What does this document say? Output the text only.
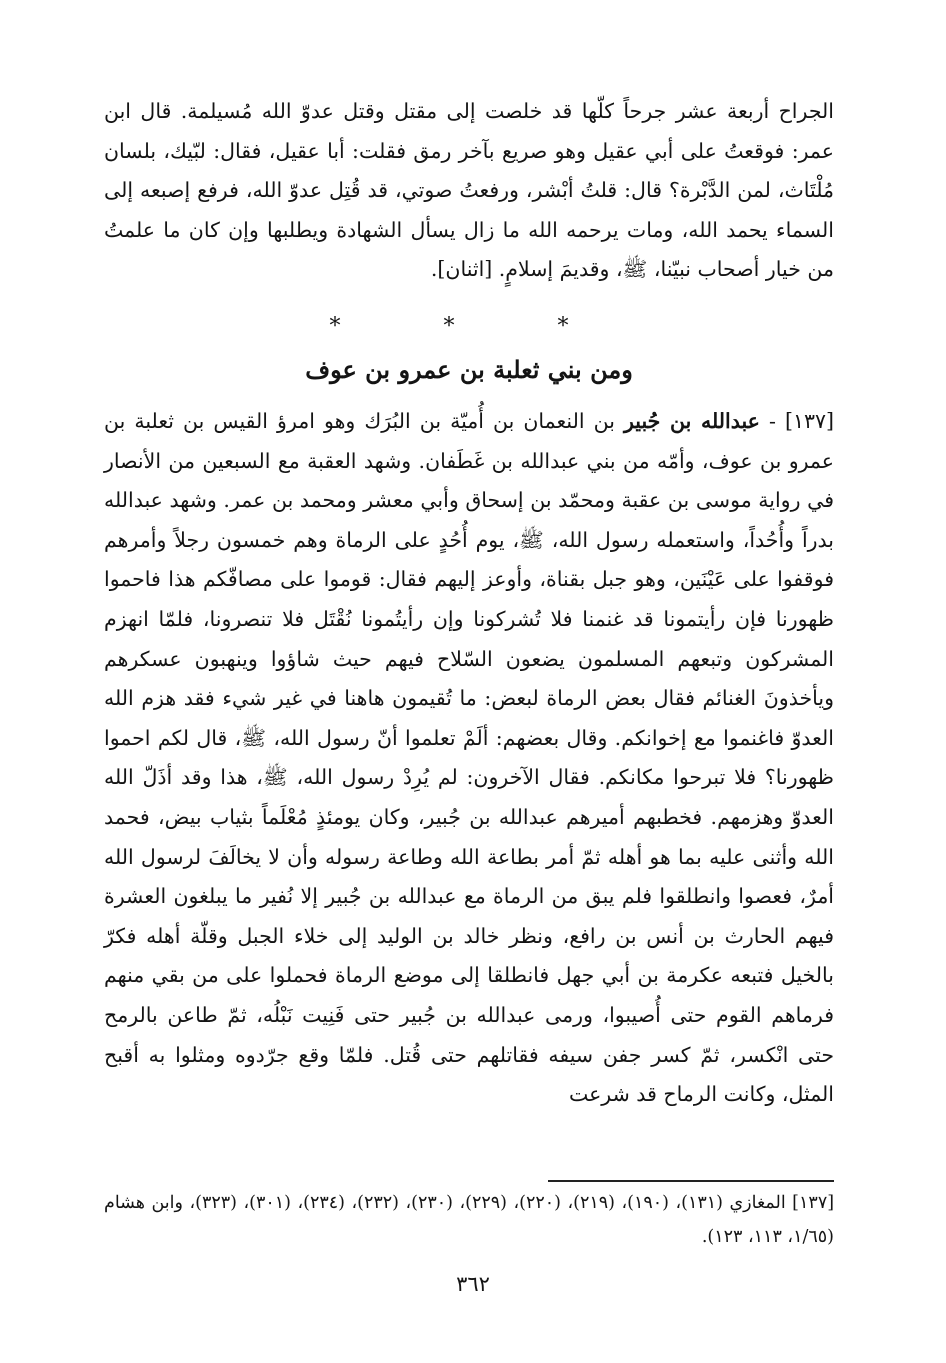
الجراح أربعة عشر جرحاً كلّها قد خلصت إلى مقتل وقتل عدوّ الله مُسيلمة. قال ابن عمر: فوقعتُ على أبي عقيل وهو صريع بآخر رمق فقلت: أبا عقيل، فقال: لبّيك، بلسان مُلْتَاث، لمن الدَّبْرة؟ قال: قلتُ أبْشر، ورفعتُ صوتي، قد قُتِل عدوّ الله، فرفع إصبعه إلى السماء يحمد الله، ومات يرحمه الله ما زال يسأل الشهادة ويطلبها وإن كان ما علمتُ من خيار أصحاب نبيّنا، ﷺ، وقديمَ إسلامٍ. [اثنان].

* * *

ومن بني ثعلبة بن عمرو بن عوف

[١٣٧] - عبدالله بن جُبير بن النعمان بن أُميّة بن البُرَك وهو امرؤ القيس بن ثعلبة بن عمرو بن عوف، وأمّه من بني عبدالله بن غَطَفان. وشهد العقبة مع السبعين من الأنصار في رواية موسى بن عقبة ومحمّد بن إسحاق وأبي معشر ومحمد بن عمر. وشهد عبدالله بدراً وأُحُداً، واستعمله رسول الله، ﷺ، يوم أُحُدٍ على الرماة وهم خمسون رجلاً وأمرهم فوقفوا على عَيْنَين، وهو جبل بقناة، وأوعز إليهم فقال: قوموا على مصافّكم هذا فاحموا ظهورنا فإن رأيتمونا قد غنمنا فلا تُشركونا وإن رأيتُمونا نُقْتَل فلا تنصرونا، فلمّا انهزم المشركون وتبعهم المسلمون يضعون السّلاح فيهم حيث شاؤوا وينهبون عسكرهم ويأخذونَ الغنائم فقال بعض الرماة لبعض: ما تُقيمون هاهنا في غير شيء فقد هزم الله العدوّ فاغنموا مع إخوانكم. وقال بعضهم: ألَمْ تعلموا أنّ رسول الله، ﷺ، قال لكم احموا ظهورنا؟ فلا تبرحوا مكانكم. فقال الآخرون: لم يُرِدْ رسول الله، ﷺ، هذا وقد أذَلّ الله العدوّ وهزمهم. فخطبهم أميرهم عبدالله بن جُبير، وكان يومئذٍ مُعْلَماً بثياب بيض، فحمد الله وأثنى عليه بما هو أهله ثمّ أمر بطاعة الله وطاعة رسوله وأن لا يخالَفَ لرسول الله أمرٌ، فعصوا وانطلقوا فلم يبق من الرماة مع عبدالله بن جُبير إلا نُفير ما يبلغون العشرة فيهم الحارث بن أنس بن رافع، ونظر خالد بن الوليد إلى خلاء الجبل وقلّة أهله فكرّ بالخيل فتبعه عكرمة بن أبي جهل فانطلقا إلى موضع الرماة فحملوا على من بقي منهم فرماهم القوم حتى أُصيبوا، ورمى عبدالله بن جُبير حتى فَنِيت نَبْلُه، ثمّ طاعن بالرمح حتى انْكسر، ثمّ كسر جفن سيفه فقاتلهم حتى قُتل. فلمّا وقع جرّدوه ومثلوا به أقبح المثل، وكانت الرماح قد شرعت

[١٣٧] المغازي (١٣١)، (١٩٠)، (٢١٩)، (٢٢٠)، (٢٢٩)، (٢٣٠)، (٢٣٢)، (٢٣٤)، (٣٠١)، (٣٢٣)، وابن هشام (١/٦٥، ١١٣، ١٢٣).

٣٦٢
